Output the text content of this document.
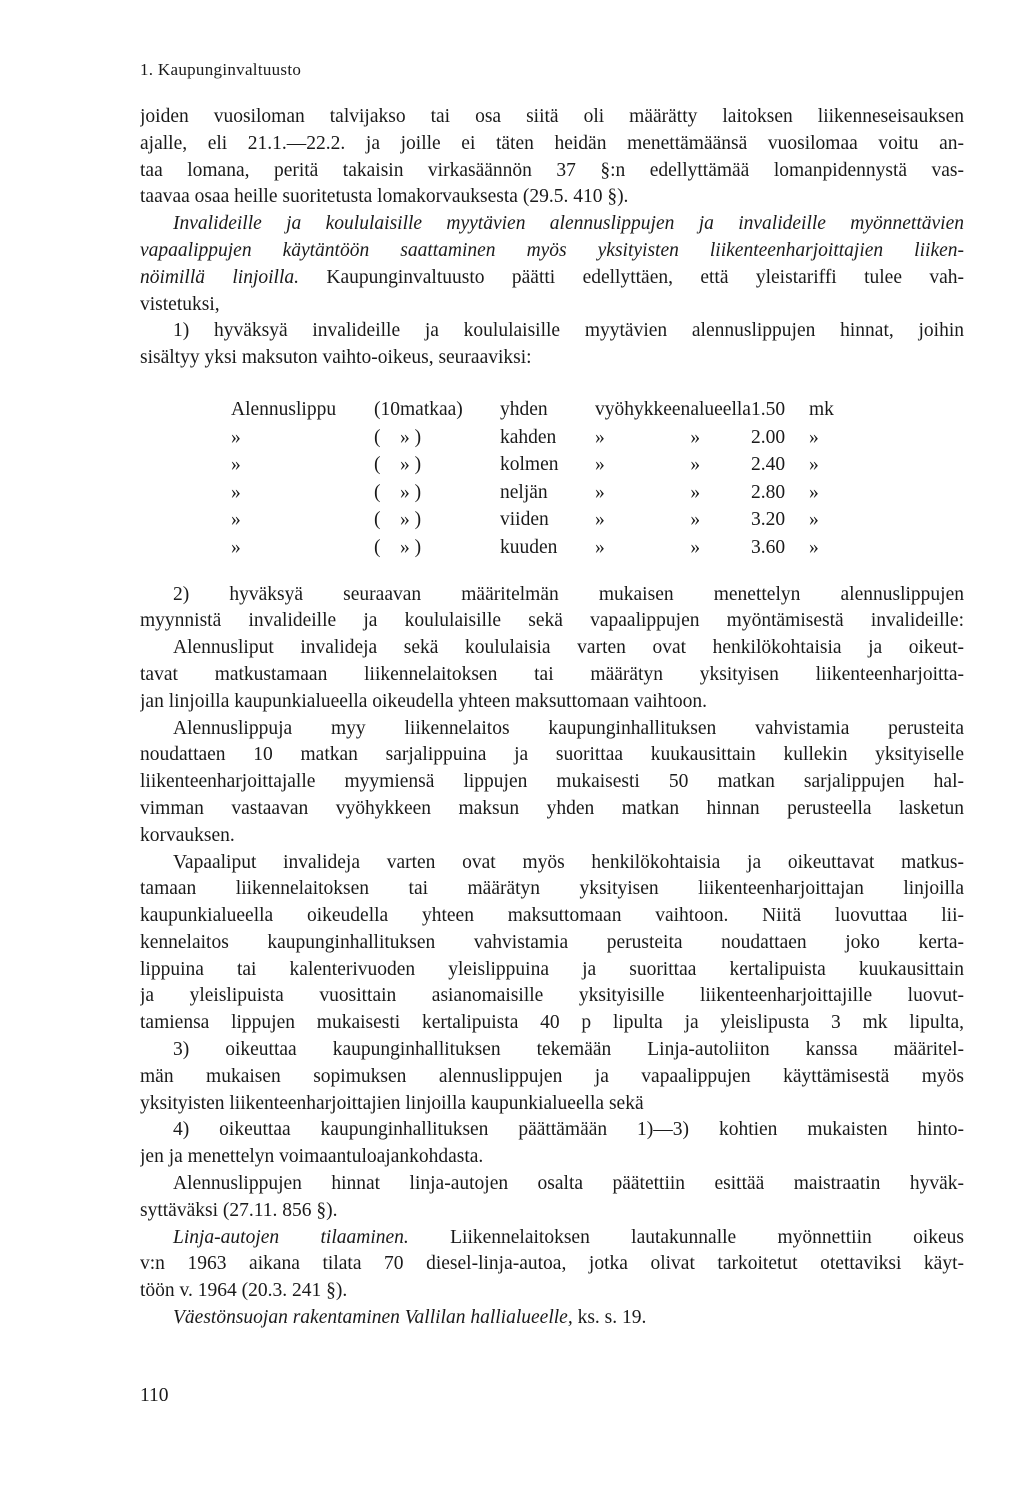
1. Kaupunginvaltuusto
joiden vuosiloman talvijakso tai osa siitä oli määrätty laitoksen liikenneseisauksen
ajalle, eli 21.1.—22.2. ja joille ei täten heidän menettämäänsä vuosilomaa voitu an-
taa lomana, peritä takaisin virkasäännön 37 §:n edellyttämää lomanpidennystä vas-
taavaa osaa heille suoritetusta lomakorvauksesta (29.5. 410 §).
Invalideille ja koululaisille myytävien alennuslippujen ja invalideille myönnettävien
vapaalippujen käytäntöön saattaminen myös yksityisten liikenteenharjoittajien liiken-
nöimillä linjoilla. Kaupunginvaltuusto päätti edellyttäen, että yleistariffi tulee vah-
vistetuksi,
1) hyväksyä invalideille ja koululaisille myytävien alennuslippujen hinnat, joihin
sisältyy yksi maksuton vaihto-oikeus, seuraaviksi:
Alennuslippu	(10	matkaa)	yhden	vyöhykkeen	alueella	1.50	mk
»	(	» )	kahden	»	»	2.00	»
»	(	» )	kolmen	»	»	2.40	»
»	(	» )	neljän	»	»	2.80	»
»	(	» )	viiden	»	»	3.20	»
»	(	» )	kuuden	»	»	3.60	»
2) hyväksyä seuraavan määritelmän mukaisen menettelyn alennuslippujen
myynnistä invalideille ja koululaisille sekä vapaalippujen myöntämisestä invalideille:
Alennusliput invalideja sekä koululaisia varten ovat henkilökohtaisia ja oikeut-
tavat matkustamaan liikennelaitoksen tai määrätyn yksityisen liikenteenharjoitta-
jan linjoilla kaupunkialueella oikeudella yhteen maksuttomaan vaihtoon.
Alennuslippuja myy liikennelaitos kaupunginhallituksen vahvistamia perusteita
noudattaen 10 matkan sarjalippuina ja suorittaa kuukausittain kullekin yksityiselle
liikenteenharjoittajalle myymiensä lippujen mukaisesti 50 matkan sarjalippujen hal-
vimman vastaavan vyöhykkeen maksun yhden matkan hinnan perusteella lasketun
korvauksen.
Vapaaliput invalideja varten ovat myös henkilökohtaisia ja oikeuttavat matkus-
tamaan liikennelaitoksen tai määrätyn yksityisen liikenteenharjoittajan linjoilla
kaupunkialueella oikeudella yhteen maksuttomaan vaihtoon. Niitä luovuttaa lii-
kennelaitos kaupunginhallituksen vahvistamia perusteita noudattaen joko kerta-
lippuina tai kalenterivuoden yleislippuina ja suorittaa kertalipuista kuukausittain
ja yleislipuista vuosittain asianomaisille yksityisille liikenteenharjoittajille luovut-
tamiensa lippujen mukaisesti kertalipuista 40 p lipulta ja yleislipusta 3 mk lipulta,
3) oikeuttaa kaupunginhallituksen tekemään Linja-autoliiton kanssa määritel-
män mukaisen sopimuksen alennuslippujen ja vapaalippujen käyttämisestä myös
yksityisten liikenteenharjoittajien linjoilla kaupunkialueella sekä
4) oikeuttaa kaupunginhallituksen päättämään 1)—3) kohtien mukaisten hinto-
jen ja menettelyn voimaantuloajankohdasta.
Alennuslippujen hinnat linja-autojen osalta päätettiin esittää maistraatin hyväk-
syttäväksi (27.11. 856 §).
Linja-autojen tilaaminen. Liikennelaitoksen lautakunnalle myönnettiin oikeus
v:n 1963 aikana tilata 70 diesel-linja-autoa, jotka olivat tarkoitetut otettaviksi käyt-
töön v. 1964 (20.3. 241 §).
Väestönsuojan rakentaminen Vallilan hallialueelle, ks. s. 19.
110
